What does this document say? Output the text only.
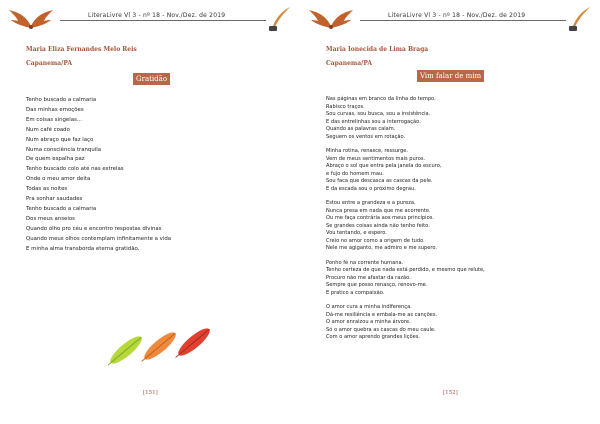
LiteraLivre Vl 3 - nº 18 - Nov./Dez. de 2019
Maria Eliza Fernandes Melo Reis
Capanema/PA
Gratidão
Tenho buscado a calmaria
Das minhas emoções
Em coisas singelas...
Num café coado
Num abraço que faz laço
Numa consciência tranquila
De quem espalha paz
Tenho buscado colo até nas estrelas
Onde o meu amor deita
Todas as noites
Pra sonhar saudades
Tenho buscado a calmaria
Dos meus anseios
Quando olho pro céu e encontro respostas divinas
Quando meus olhos contemplam infinitamente a vida
E minha alma transborda eterna gratidão.
[151]
LiteraLivre Vl 3 - nº 18 - Nov./Dez. de 2019
Maria Ionecida de Lima Braga
Capanema/PA
Vim falar de mim
Nas páginas em branco da linha do tempo.
Rabisco traços.
Sou curvas, sou busca, sou a insistência.
E das entrelinhas sou a interrogação.
Quando as palavras calam.
Seguem os ventos em rotação.
Minha rotina, renasce, ressurge.
Vem de meus sentimentos mais puros.
Abraço o sol que entra pela janela do escuro,
e fujo do homem mau.
Sou faca que descasca as cascas da pele.
E da escada sou o próximo degrau.
Estou entre a grandeza e a pureza.
Nunca presa em nada que me acorrente.
Ou me faça contrária aos meus princípios.
Se grandes coisas ainda não tenho feito.
Vou tentando, e espero.
Creio no amor como a origem de tudo.
Nele me agiganto, me admiro e me supero.
Ponho fé na corrente humana.
Tenho certeza de que nada está perdido, e mesmo que relute,
Procuro não me afastar da razão.
Sempre que posso renasço, renovo-me.
E pratico a compaixão.
O amor cura a minha indiferença.
Dá-me resiliência e embala-me as canções.
O amor enraizou a minha árvore.
Só o amor quebra as cascas do meu caule.
Com o amor aprendo grandes lições.
[152]
